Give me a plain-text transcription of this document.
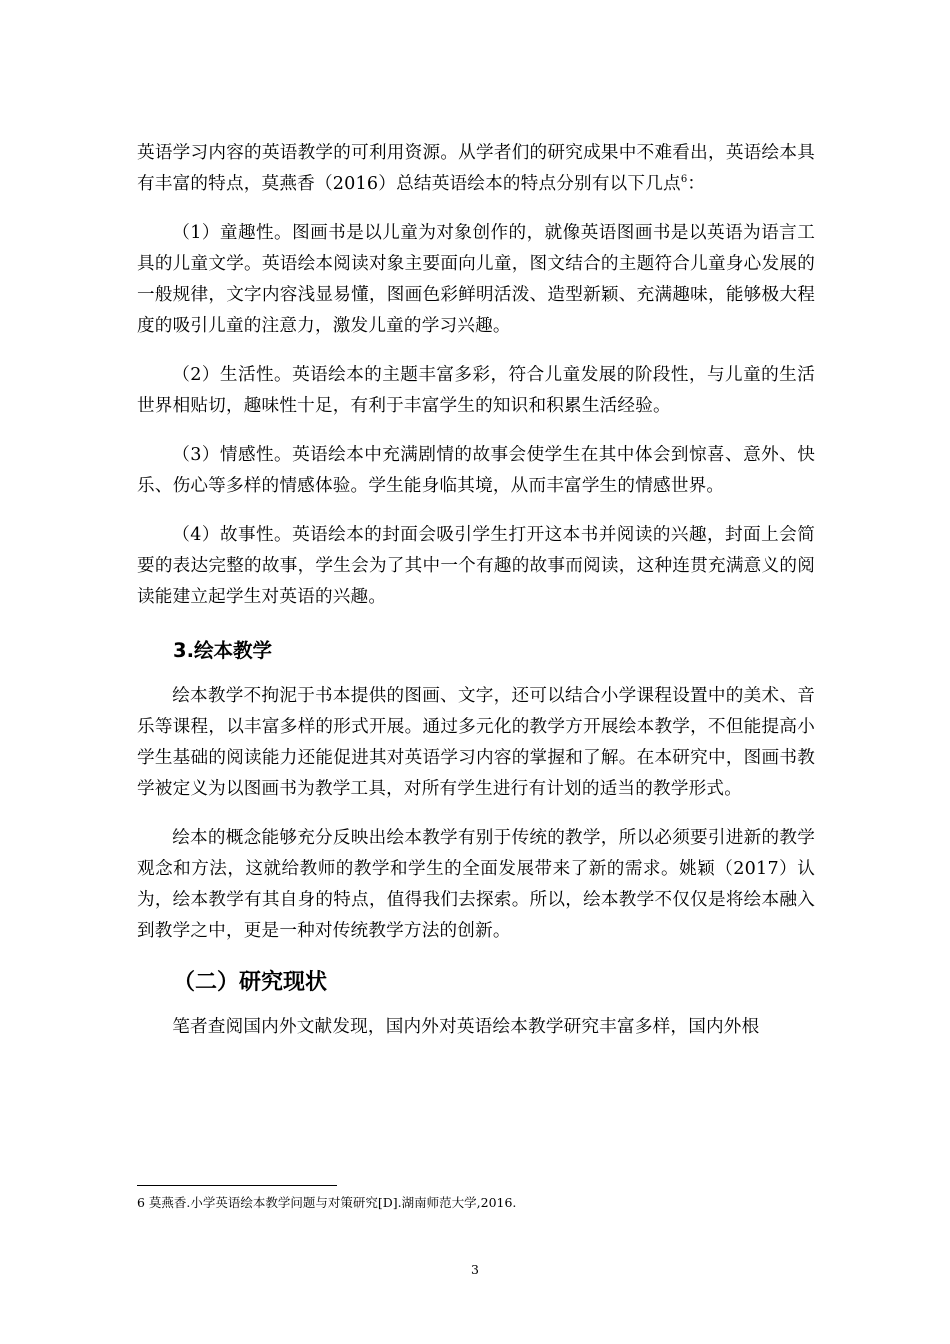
英语学习内容的英语教学的可利用资源。从学者们的研究成果中不难看出，英语绘本具有丰富的特点，莫燕香（2016）总结英语绘本的特点分别有以下几点$^6$：

（1）童趣性。图画书是以儿童为对象创作的，就像英语图画书是以英语为语言工具的儿童文学。英语绘本阅读对象主要面向儿童，图文结合的主题符合儿童身心发展的一般规律，文字内容浅显易懂，图画色彩鲜明活泼、造型新颖、充满趣味，能够极大程度的吸引儿童的注意力，激发儿童的学习兴趣。

（2）生活性。英语绘本的主题丰富多彩，符合儿童发展的阶段性，与儿童的生活世界相贴切，趣味性十足，有利于丰富学生的知识和积累生活经验。

（3）情感性。英语绘本中充满剧情的故事会使学生在其中体会到惊喜、意外、快乐、伤心等多样的情感体验。学生能身临其境，从而丰富学生的情感世界。

（4）故事性。英语绘本的封面会吸引学生打开这本书并阅读的兴趣，封面上会简要的表达完整的故事，学生会为了其中一个有趣的故事而阅读，这种连贯充满意义的阅读能建立起学生对英语的兴趣。

3.绘本教学

绘本教学不拘泥于书本提供的图画、文字，还可以结合小学课程设置中的美术、音乐等课程，以丰富多样的形式开展。通过多元化的教学方开展绘本教学，不但能提高小学生基础的阅读能力还能促进其对英语学习内容的掌握和了解。在本研究中，图画书教学被定义为以图画书为教学工具，对所有学生进行有计划的适当的教学形式。

绘本的概念能够充分反映出绘本教学有别于传统的教学，所以必须要引进新的教学观念和方法，这就给教师的教学和学生的全面发展带来了新的需求。姚颖（2017）认为，绘本教学有其自身的特点，值得我们去探索。所以，绘本教学不仅仅是将绘本融入到教学之中，更是一种对传统教学方法的创新。

（二）研究现状

笔者查阅国内外文献发现，国内外对英语绘本教学研究丰富多样，国内外根

6 莫燕香.小学英语绘本教学问题与对策研究[D].湖南师范大学,2016.
3
